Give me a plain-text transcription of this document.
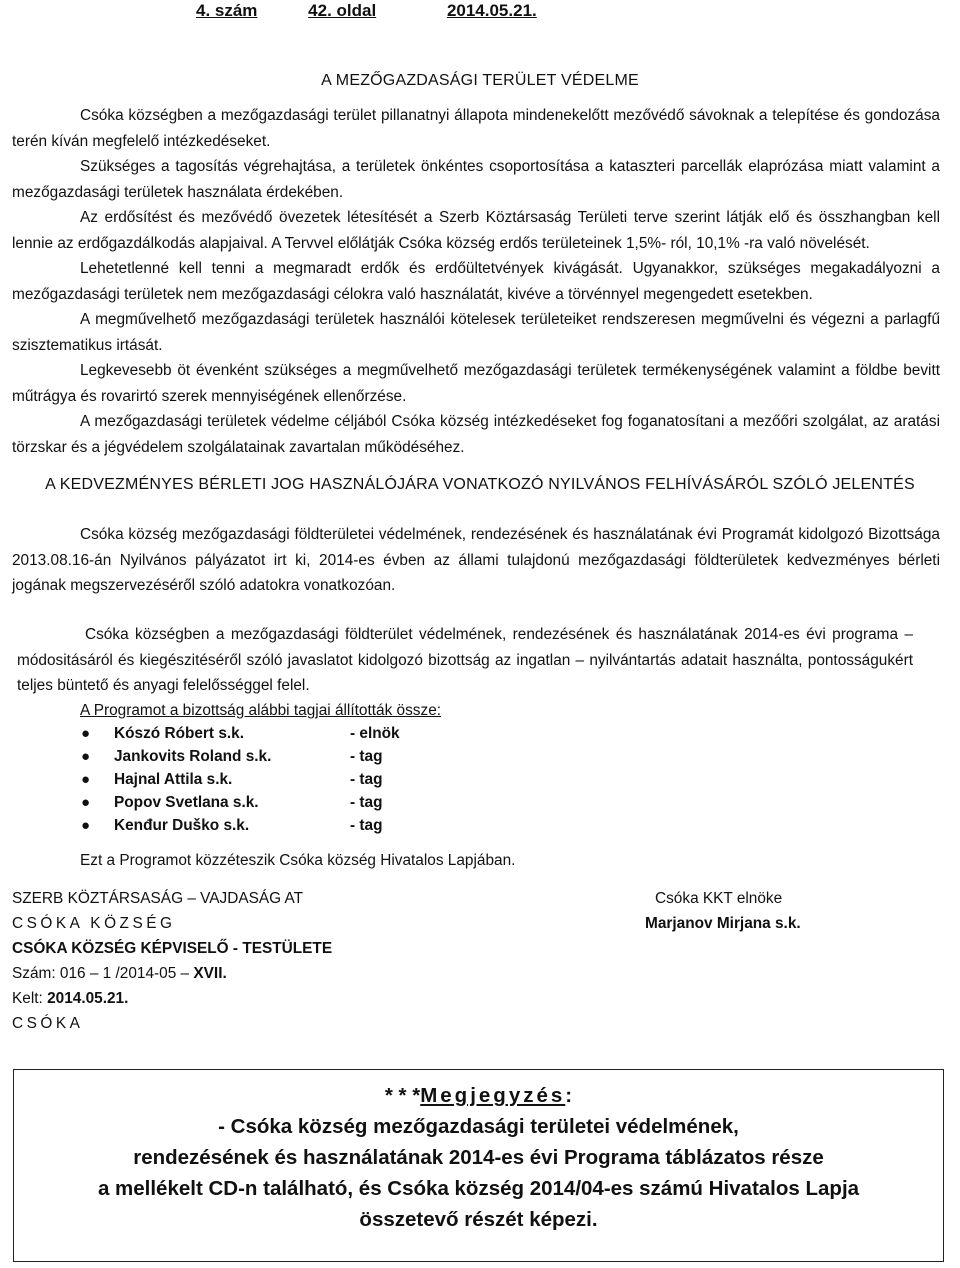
4. szám	42. oldal	2014.05.21.
A MEZŐGAZDASÁGI TERÜLET VÉDELME

Csóka községben a mezőgazdasági terület pillanatnyi állapota mindenekelőtt mezővédő sávoknak a telepítése és gondozása terén kíván megfelelő intézkedéseket.

Szükséges a tagosítás végrehajtása, a területek önkéntes csoportosítása a kataszteri parcellák elaprózása miatt valamint a mezőgazdasági területek használata érdekében.

Az erdősítést és mezővédő övezetek létesítését a Szerb Köztársaság Területi terve szerint látják elő és összhangban kell lennie az erdőgazdálkodás alapjaival. A Tervvel előlátják Csóka község erdős területeinek 1,5%- ról, 10,1% -ra való növelését.

Lehetetlenné kell tenni a megmaradt erdők és erdőültetvények kivágását. Ugyanakkor, szükséges megakadályozni a mezőgazdasági területek nem mezőgazdasági célokra való használatát, kivéve a törvénnyel megengedett esetekben.

A megművelhető mezőgazdasági területek használói kötelesek területeiket rendszeresen megművelni és végezni a parlagfű szisztematikus irtását.

Legkevesebb öt évenként szükséges a megművelhető mezőgazdasági területek termékenységének valamint a földbe bevitt műtrágya és rovarirtó szerek mennyiségének ellenőrzése.

A mezőgazdasági területek védelme céljából Csóka község intézkedéseket fog foganatosítani a mezőőri szolgálat, az aratási törzskar és a jégvédelem szolgálatainak zavartalan működéséhez.

A KEDVEZMÉNYES BÉRLETI JOG HASZNÁLÓJÁRA VONATKOZÓ NYILVÁNOS FELHÍVÁSÁRÓL SZÓLÓ JELENTÉS

Csóka község mezőgazdasági földterületei védelmének, rendezésének és használatának évi Programát kidolgozó Bizottsága 2013.08.16-án Nyilvános pályázatot irt ki, 2014-es évben az állami tulajdonú mezőgazdasági földterületek kedvezményes bérleti jogának megszervezéséről szóló adatokra vonatkozóan.

Csóka községben a mezőgazdasági földterület védelmének, rendezésének és használatának 2014-es évi programa – módositásáról és kiegészitéséről szóló javaslatot kidolgozó bizottság az ingatlan – nyilvántartás adatait használta, pontosságukért teljes büntető és anyagi felelősséggel felel.

A Programot a bizottság alábbi tagjai állították össze:
● Kószó Róbert s.k.	- elnök
● Jankovits Roland s.k.	- tag
● Hajnal Attila s.k.	- tag
● Popov Svetlana s.k.	- tag
● Kenđur Duško s.k.	- tag
Ezt a Programot közzéteszik Csóka község Hivatalos Lapjában.
SZERB KÖZTÁRSASÁG – VAJDASÁG AT
CSÓKA KÖZSÉG
CSÓKA KÖZSÉG KÉPVISELŐ - TESTÜLETE
Szám: 016 – 1 /2014-05 – XVII.
Kelt: 2014.05.21.
CSÓKA
Csóka KKT elnöke
Marjanov Mirjana s.k.
* * *Megjegyzés:
- Csóka község mezőgazdasági területei védelmének,
rendezésének és használatának 2014-es évi Programa táblázatos része
a mellékelt CD-n található, és Csóka község 2014/04-es számú Hivatalos Lapja
összetevő részét képezi.
